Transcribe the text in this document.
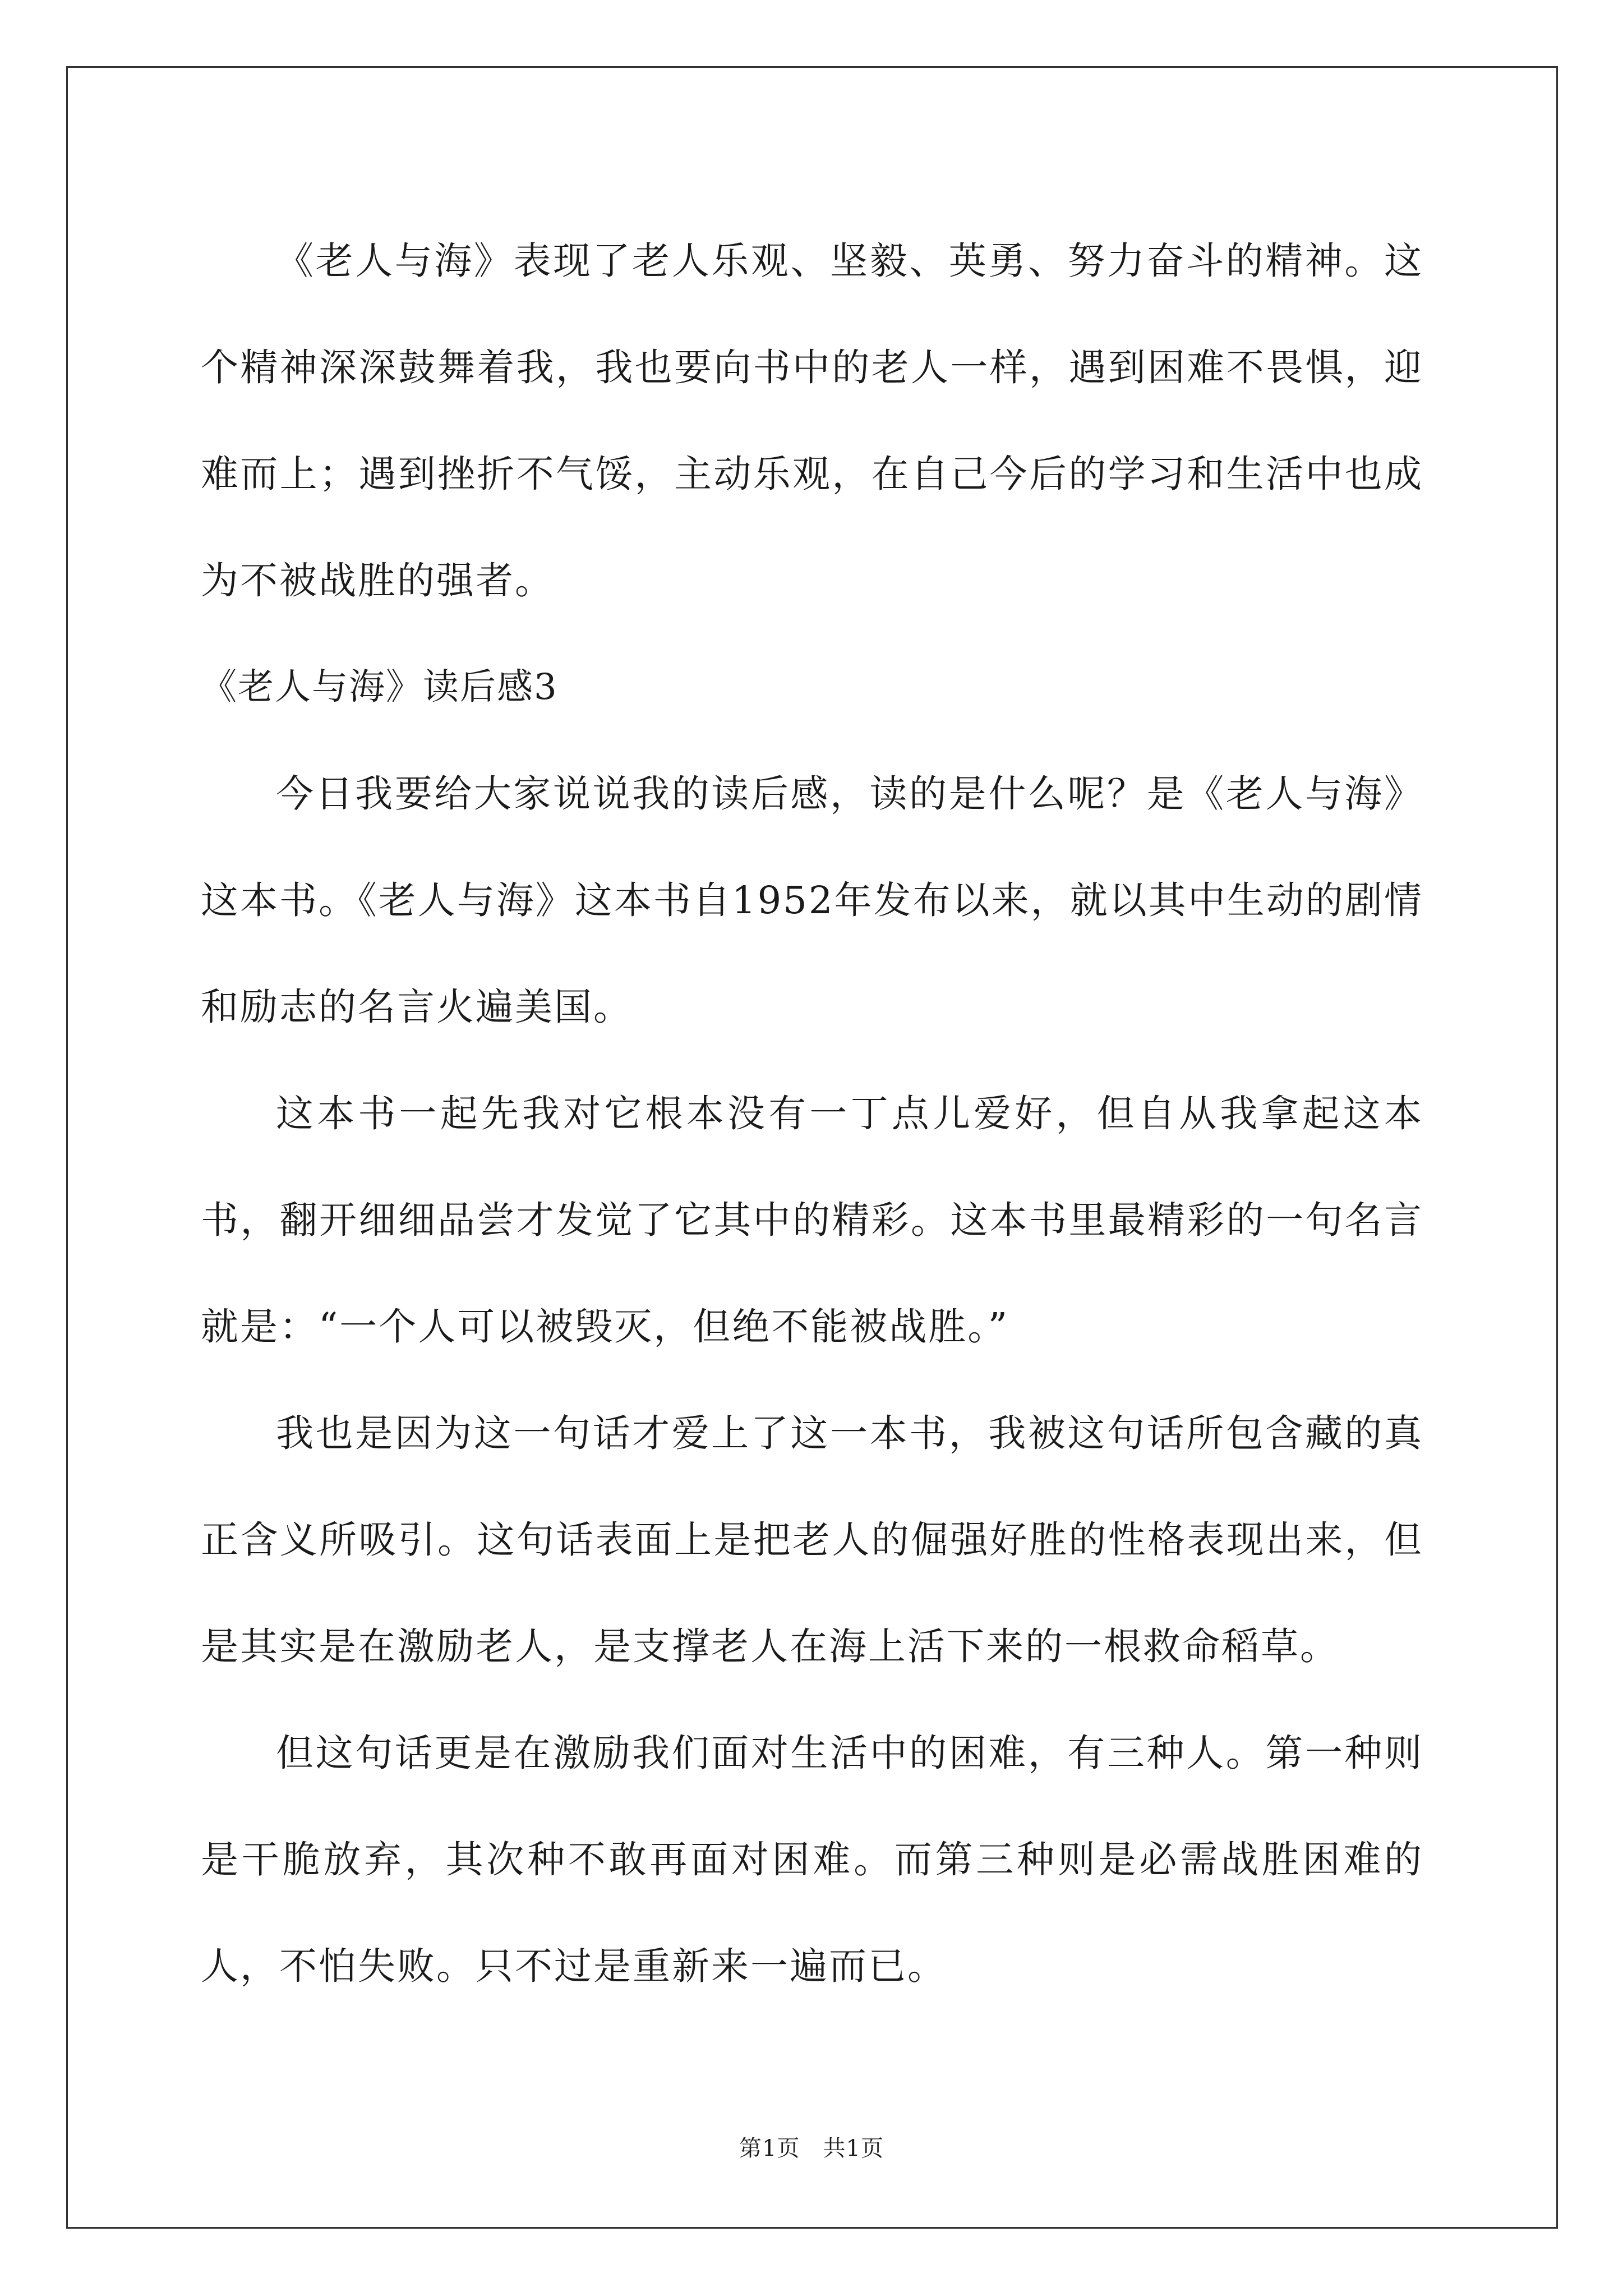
《老人与海》表现了老人乐观、坚毅、英勇、努力奋斗的精神。这个精神深深鼓舞着我，我也要向书中的老人一样，遇到困难不畏惧，迎难而上；遇到挫折不气馁，主动乐观，在自己今后的学习和生活中也成为不被战胜的强者。

《老人与海》读后感3

今日我要给大家说说我的读后感，读的是什么呢？是《老人与海》这本书。《老人与海》这本书自1952年发布以来，就以其中生动的剧情和励志的名言火遍美国。

这本书一起先我对它根本没有一丁点儿爱好，但自从我拿起这本书，翻开细细品尝才发觉了它其中的精彩。这本书里最精彩的一句名言就是：“一个人可以被毁灭，但绝不能被战胜。”

我也是因为这一句话才爱上了这一本书，我被这句话所包含藏的真正含义所吸引。这句话表面上是把老人的倔强好胜的性格表现出来，但是其实是在激励老人，是支撑老人在海上活下来的一根救命稻草。

但这句话更是在激励我们面对生活中的困难，有三种人。第一种则是干脆放弃，其次种不敢再面对困难。而第三种则是必需战胜困难的人，不怕失败。只不过是重新来一遍而已。

第1页　共1页
